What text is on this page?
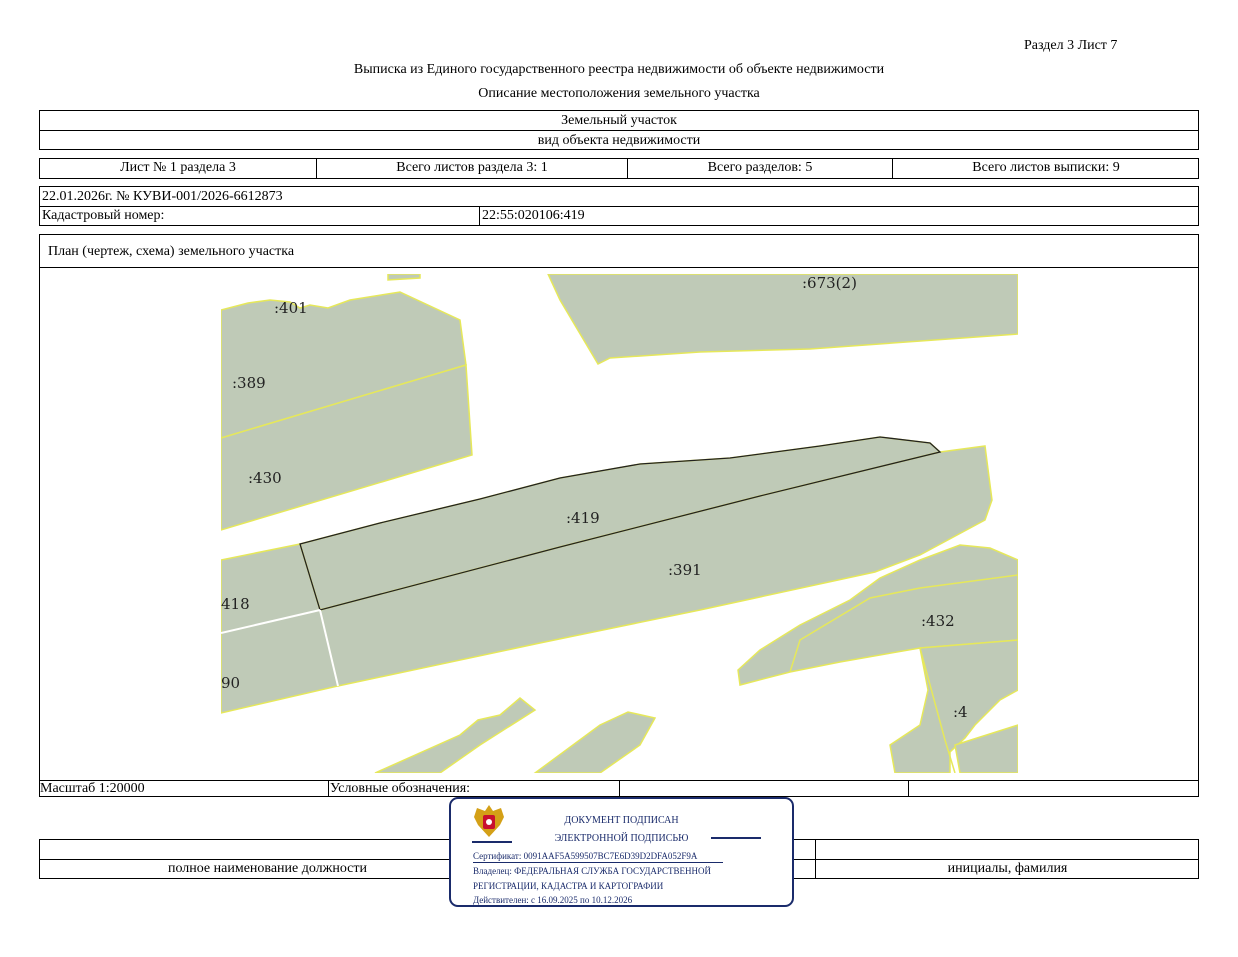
Раздел 3 Лист 7
Выписка из Единого государственного реестра недвижимости об объекте недвижимости
Описание местоположения земельного участка
Земельный участок
вид объекта недвижимости
Лист № 1 раздела 3	Всего листов раздела 3: 1	Всего разделов: 5	Всего листов выписки: 9
22.01.2026г. № КУВИ-001/2026-6612873
Кадастровый номер:	22:55:020106:419
План (чертеж, схема) земельного участка
Масштаб 1:20000	Условные обозначения:
:673(2)
:401
:389
:430
:419
:391
418
:432
90
:4
полное наименование должности	инициалы, фамилия
ДОКУМЕНТ ПОДПИСАН
ЭЛЕКТРОННОЙ ПОДПИСЬЮ
Сертификат: 0091AAF5A599507BC7E6D39D2DFA052F9A
Владелец: ФЕДЕРАЛЬНАЯ СЛУЖБА ГОСУДАРСТВЕННОЙ
РЕГИСТРАЦИИ, КАДАСТРА И КАРТОГРАФИИ
Действителен: с 16.09.2025 по 10.12.2026
